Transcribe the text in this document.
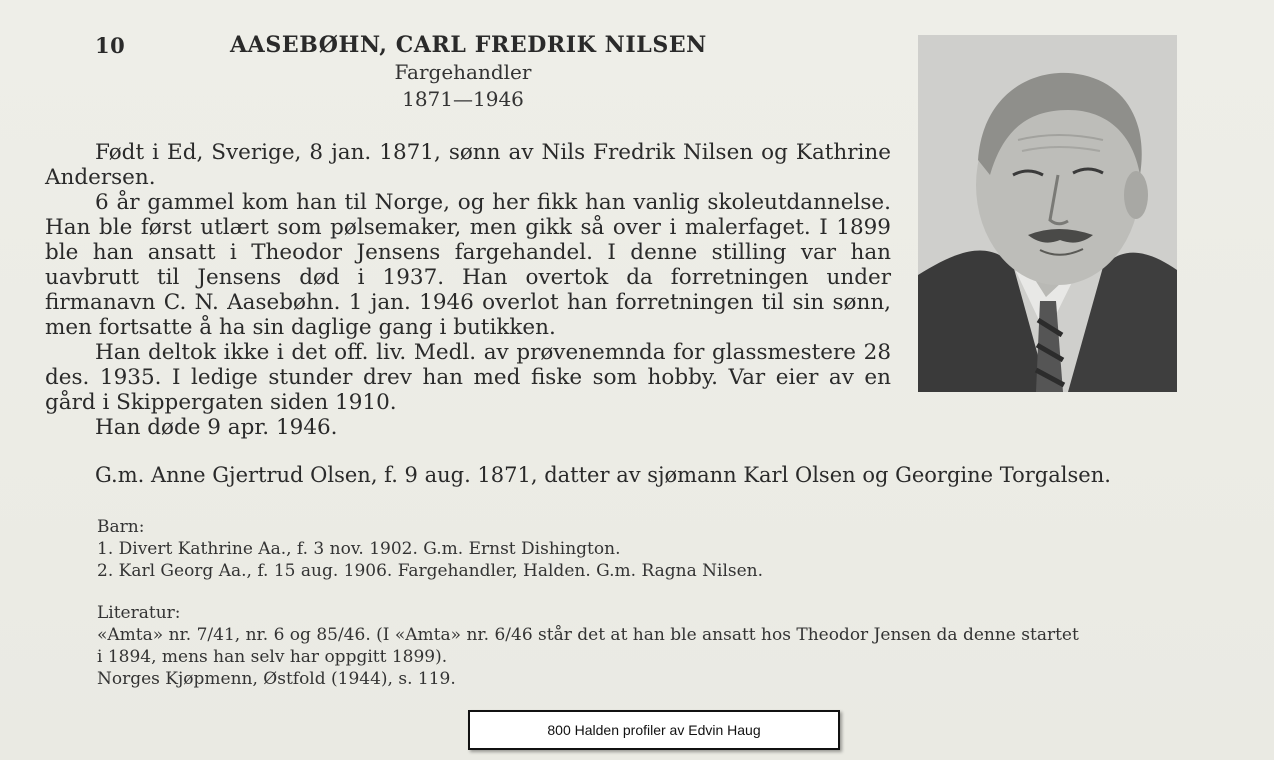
10	AASEBØHN, CARL FREDRIK NILSEN
Fargehandler
1871—1946

Født i Ed, Sverige, 8 jan. 1871, sønn av Nils Fredrik Nilsen og Kathrine Andersen.

6 år gammel kom han til Norge, og her fikk han vanlig skoleutdannelse. Han ble først utlært som pølsemaker, men gikk så over i malerfaget. I 1899 ble han ansatt i Theodor Jensens fargehandel. I denne stilling var han uavbrutt til Jensens død i 1937. Han overtok da forretningen under firmanavn C. N. Aasebøhn. 1 jan. 1946 overlot han forretningen til sin sønn, men fortsatte å ha sin daglige gang i butikken.

Han deltok ikke i det off. liv. Medl. av prøvenemnda for glassmestere 28 des. 1935. I ledige stunder drev han med fiske som hobby. Var eier av en gård i Skippergaten siden 1910.

Han døde 9 apr. 1946.

G.m. Anne Gjertrud Olsen, f. 9 aug. 1871, datter av sjømann Karl Olsen og Georgine Torgalsen.
Barn:
1. Divert Kathrine Aa., f. 3 nov. 1902. G.m. Ernst Dishington.
2. Karl Georg Aa., f. 15 aug. 1906. Fargehandler, Halden. G.m. Ragna Nilsen.
Literatur:
«Amta» nr. 7/41, nr. 6 og 85/46. (I «Amta» nr. 6/46 står det at han ble ansatt hos Theodor Jensen da denne startet
i 1894, mens han selv har oppgitt 1899).
Norges Kjøpmenn, Østfold (1944), s. 119.
800 Halden profiler av Edvin Haug
